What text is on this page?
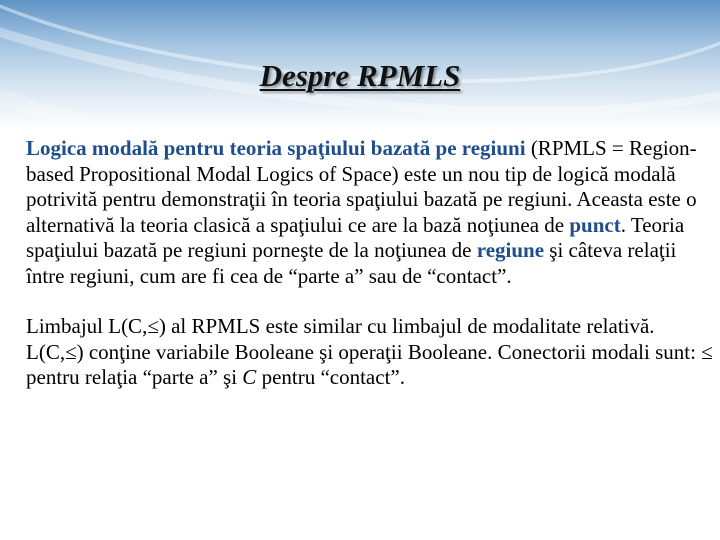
Despre RPMLS

Logica modală pentru teoria spaţiului bazată pe regiuni (RPMLS = Region-based Propositional Modal Logics of Space) este un nou tip de logică modală potrivită pentru demonstraţii în teoria spaţiului bazată pe regiuni. Aceasta este o alternativă la teoria clasică a spaţiului ce are la bază noţiunea de punct. Teoria spaţiului bazată pe regiuni porneşte de la noţiunea de regiune şi câteva relaţii între regiuni, cum are fi cea de “parte a” sau de “contact”.

Limbajul L(C,≤) al RPMLS este similar cu limbajul de modalitate relativă. L(C,≤) conţine variabile Booleane şi operaţii Booleane. Conectorii modali sunt: ≤ pentru relaţia “parte a” şi C pentru “contact”.
